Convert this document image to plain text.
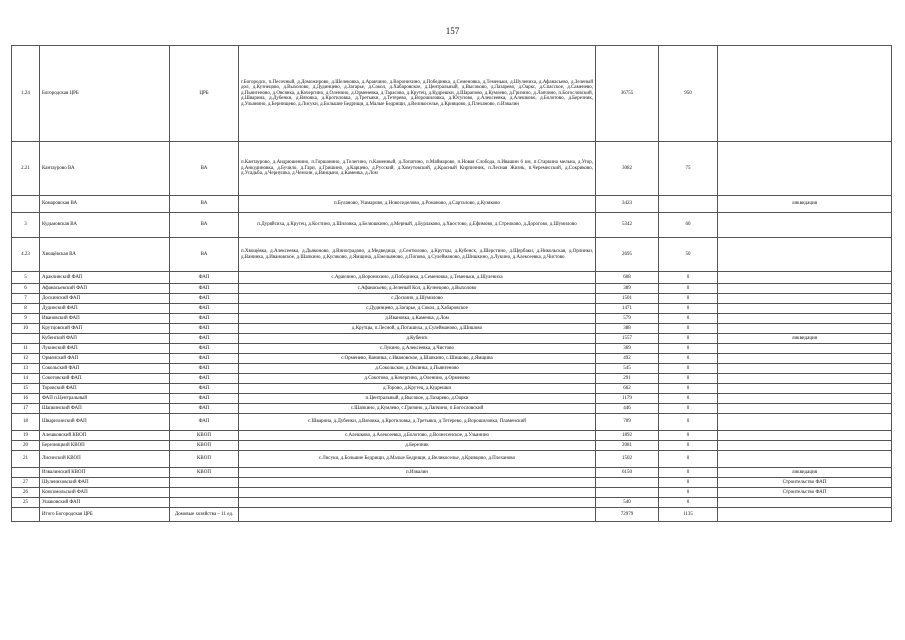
157
1.24	Богородская ЦРБ	ЦРБ	г.Богородск, п.Песочный, д.Доможирово, д.Шелековка, д.Аракчино, д.Воронихино, д.Побединка, д.Семеновка, д.Теменьки, д.Шулениха, д.Афанасьево, д.Зеленый дол, д.Кузнецово, д.Выхолово, д.Дудинцево, д.Загарье, д.Сокол, д.Хабаровское, д.Центральный, д.Высоково, д.Лазарево, д.Оаркс, д.Спасское, д.Саменево, д.Пьянгеново, д.Овсянка, д.Кочергино, д.Оленино, д.Орменевка, д.Тарасово, д.Крутец, д.Кудрешки, д.Шарапово, д.Кумлево, д.Гризино, д.Лапчино, п.Богословский, д.Шварина, д.Дубенки, д.Вязовка, д.Кротиловка, д.Третьяки, д.Тетерево, д.Ворошиловка, д.Юсупово, д.Алексеевка, д.Алешково, д.Болотово, д.Березник, д.Ульянино, д.Бернищево, д.Лисуки, д.Большие Бедрищи, д.Малые Бедрищи, д.Великоселье, д.Кривцово, д.Плеханово, п.Извалин	36755	950	
2.21	Кантаурово ВА	ВА	п.Кантаурово, д.Андрюшенино, п.Горшанино, д.Телегино, п.Каменный, д.Лопатино, п.Маймарово, п.Новая Слобода, п.Ивашин 6 км, п.Старкина мельна, д.Угор, д.Анкудиновка, д.Бучило, д.Гари, д.Гришино, д.Карцево, д.Русский, д.Хомутовский, д.Красный Кирпичник, п.Лесная Жизнь, п.Черемисский, д.Сокриково, д.Усадьба, д.Чернушка, д.Чемхин, д.Ванцыно, д.Каменка, д.Лом	3082	75	
	Комаровская ВА	ВА	п.Буланово, Ушмарово, д.Новосиделово, д.Романово, д.Сарталово, д.Кузяково	3423		ликвидация
3	Кудьмовская ВА	ВА	п.Дуряйсиха, д.Крутец, д.Костино, д.Шиловка, д.Белюшкино, д.Мерный, д.Бурлаково, д.Хвостово, д.Ефимово, д.Стрелково, д.Дорогово, д.Шумилово	5342	60	
4.23	Хвощёвская ВА	ВА	п.Хвощёвка, д.Алексеевка, д.Дьяконово, д.Виноградово, д.Медведица, д.Сентюлово, д.Крутцы, д.Кубенск, д.Шерстино, д.Щербаки, д.Никольская, д.Орлинки, д.Ванинка, д.Ивановское, д.Шапкино, д.Кусиково, д.Ямщина, д.Емельяново, д.Попово, д.Сулейманово, д.Шишкино, д.Лукино, д.Алексеевка, д.Чистово	2695	50	
5	Аракчинский ФАП	ФАП	с.Аракчино, д.Воронихино, д.Побединка, д.Семеновка, д.Теменьки, д.Шулениха	608	0	
6	Афанасьевский ФАП	ФАП	с.Афанасьево, д.Зеленый Кол, д.Кузнецово, д.Выхолово	389	0	
7	Доскинский ФАП	ФАП	с.Доскино, д.Шумилово	1501	0	
8	Дудинский ФАП	ФАП	с.Дудинцево, д.Загарье, д.Сокол, д.Хабаровское	1471	0	
9	Ивановский ФАП	ФАП	д.Ивановка, д.Каменка, д.Лом	579	0	
10	Крутцовский ФАП	ФАП	д.Крутцы, п.Лесной, д.Поташиха, д.Сулейманово, д.Шишово	388	0	
	Кубенский ФАП	ФАП	д.Кубенск	1557	0	ликвидация
11	Лукинский ФАП	ФАП	с.Лукино, д.Алексеевка, д.Чистово	369	0	
12	Орменский ФАП	ФАП	с.Орменево, Ванинка, с.Ивановское, д.Шапкино, с.Шишово, д.Ямщина	492	0	
13	Сокольский ФАП	ФАП	д.Сокольское, д.Овсянка, д.Пьянгеново	545	0	
14	Сокотовский ФАП	ФАП	д.Сокотово, д.Кочергино, д.Оленино, д.Орменево	291	0	
15	Торовский ФАП	ФАП	д.Торово, д.Крутец, д.Кудрешки	662	0	
16	ФАП п.Центральный	ФАП	п.Центральный, д.Высокое, д.Лазарево, д.Оарки	1179	0	
17	Шапкинский ФАП	ФАП	с.Шапкино, д.Кумлево, с.Гризино, д.Лапчино, п.Богословский	446	0	
18	Шварихинский ФАП	ФАП	с.Шварина, д.Дубенки, д.Вязовка, д.Кротиловка, д.Третьяки, д.Тетерево, д.Ворошиловка, Пламенский	709	0	
19	Алешковский КВОП	КВОП	с.Алешково, д.Алексеевка, д.Болотово, д.Вознесенское, д.Ульянино	1892	0	
20	Березницкий КВОП	КВОП	д.Березник	2081	0	
21	Лисинский КВОП	КВОП	с.Лисуки, д.Большие Бедрищи, д.Малые Бедрищи, д.Великоселье, д.Кривцово, д.Плеханово	1502	0	
	Извалинский КВОП	КВОП	п.Извалин	6150	0	ликвидация
27	Шулениховский ФАП				0	Строительство ФАП
26	Комсомольский ФАП				0	Строительство ФАП
25	Ушаковский ФАП			540	0	
	Итого Богородская ЦРБ	Домовые хозяйства – 11 ед.		72979	1135	
